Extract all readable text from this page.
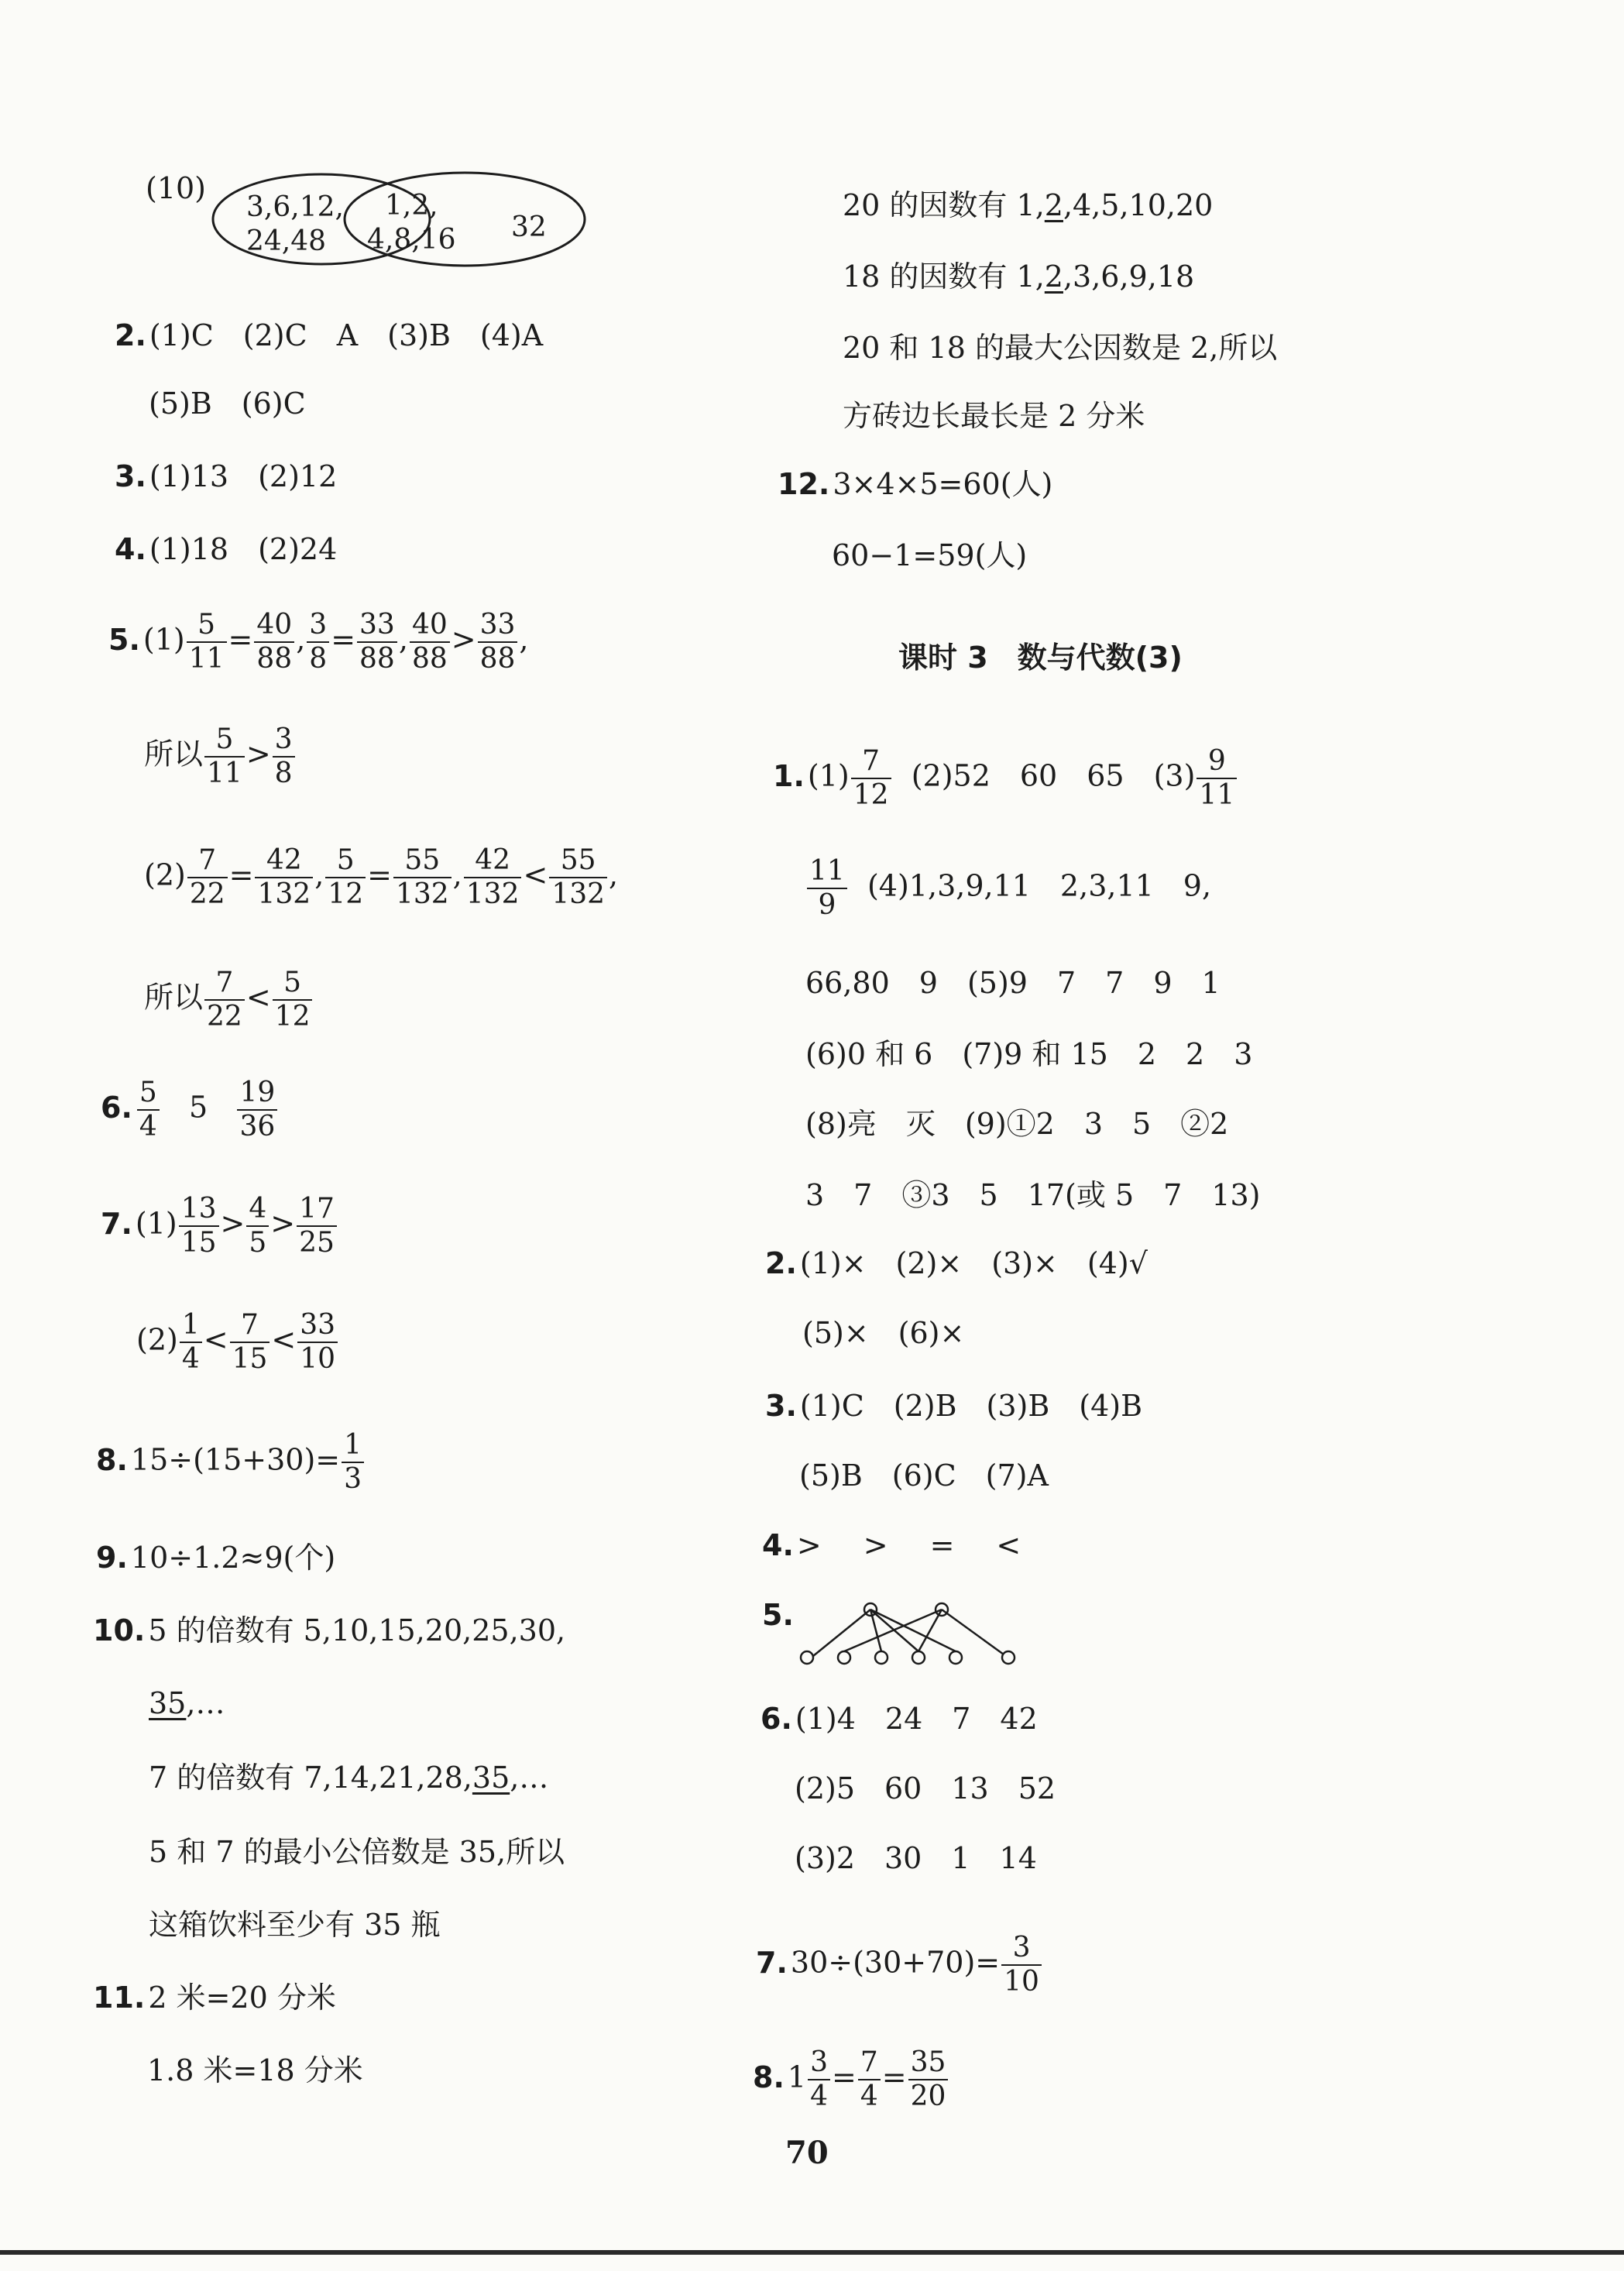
(10)
3,6,12,
24,48
1,2,
4,8,16 32
2. (1)C　(2)C　A　(3)B　(4)A
(5)B　(6)C
3. (1)13　(2)12
4. (1)18　(2)24
5. $(1) \frac{5}{11} = \frac{40}{88}$ , $\frac{3}{8} = \frac{33}{88}$ , $\frac{40}{88} > \frac{33}{88}$ ,
所以 $\frac{5}{11} > \frac{3}{8}$
$(2) \frac{7}{22} = \frac{42}{132}$ , $\frac{5}{12} = \frac{55}{132}$ , $\frac{42}{132} < \frac{55}{132}$ ,
所以 $\frac{7}{22} < \frac{5}{12}$
6. $\frac{5}{4} 5 \frac{19}{36}$
7. $(1) \frac{13}{15} > \frac{4}{5} > \frac{17}{25}$
$(2) \frac{1}{4} < \frac{7}{15} < \frac{33}{10}$
8. $15\div(15+30)= \frac{1}{3}$
9. 10÷1.2≈9(个)
10. 5 的倍数有 5,10,15,20,25,30,
35,…
7 的倍数有 7,14,21,28,35,…
5 和 7 的最小公倍数是 35,所以
这箱饮料至少有 35 瓶
11. 2 米=20 分米
1.8 米=18 分米
20 的因数有 1,2,4,5,10,20
18 的因数有 1,2,3,6,9,18
20 和 18 的最大公因数是 2,所以
方砖边长最长是 2 分米
12. 3×4×5=60(人)
60−1=59(人)
课时 3　数与代数(3)
1. $(1) \frac{7}{12} (2)52$　60　65　$(3) \frac{9}{11}$
$\frac{11}{9} (4)1,3,9,11$　2,3,11　9,
66,80　9　(5)9　7　7　9　1
(6)0 和 6　(7)9 和 15　2　2　3
(8)亮　灭　(9)①2　3　5　②2
3　7　③3　5　17(或 5　7　13)
2. (1)×　(2)×　(3)×　(4)√
(5)×　(6)×
3. (1)C　(2)B　(3)B　(4)B
(5)B　(6)C　(7)A
4. >　>　=　<
5.
6. (1)4　24　7　42
(2)5　60　13　52
(3)2　30　1　14
7. $30\div(30+70)= \frac{3}{10}$
8. $1 \frac{3}{4} = \frac{7}{4} = \frac{35}{20}$
70
